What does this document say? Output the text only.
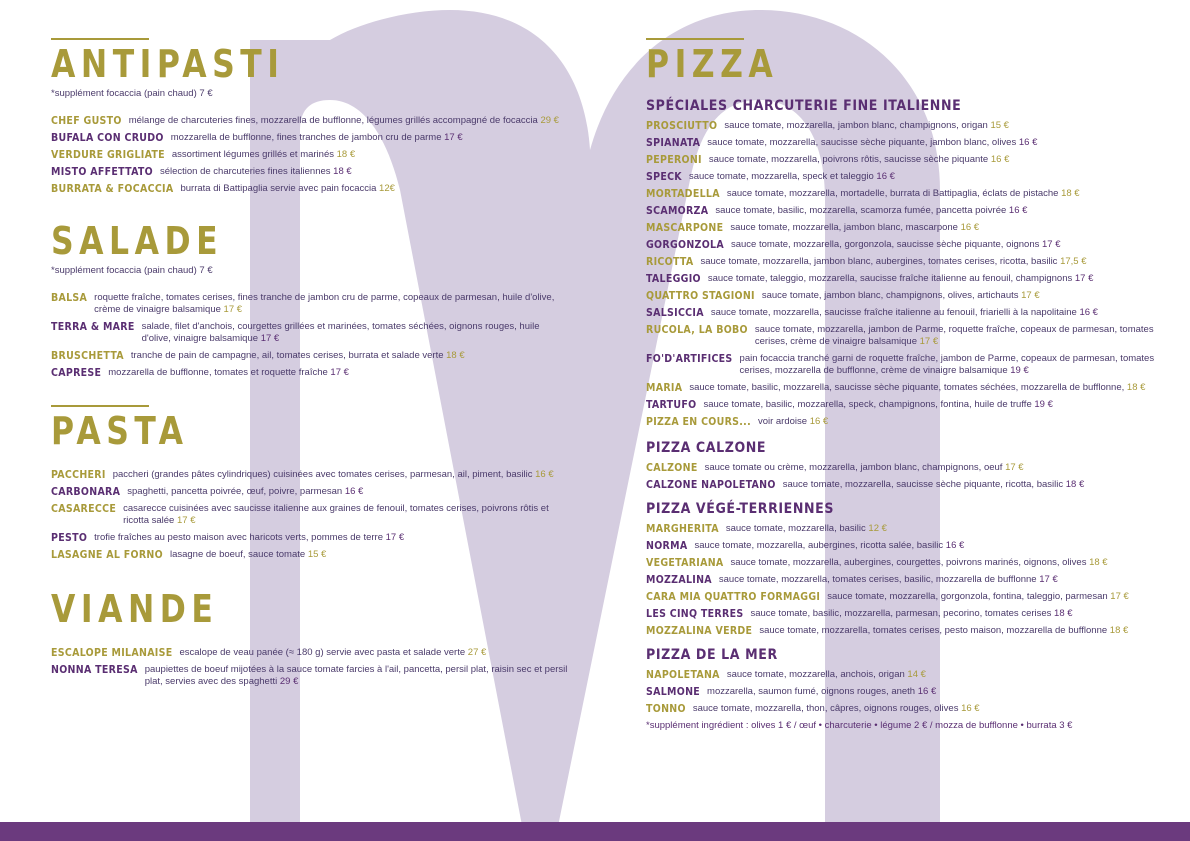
ANTIPASTI

*supplément focaccia (pain chaud) 7 €

CHEF GUSTO mélange de charcuteries fines, mozzarella de bufflonne, légumes grillés accompagné de focaccia 29 €
BUFALA CON CRUDO mozzarella de bufflonne, fines tranches de jambon cru de parme 17 €
VERDURE GRIGLIATE assortiment légumes grillés et marinés 18 €
MISTO AFFETTATO sélection de charcuteries fines italiennes 18 €
BURRATA & FOCACCIA burrata di Battipaglia servie avec pain focaccia 12€
SALADE

*supplément focaccia (pain chaud) 7 €

BALSA roquette fraîche, tomates cerises, fines tranche de jambon cru de parme, copeaux de parmesan, huile d'olive, crème de vinaigre balsamique 17 €
TERRA & MARE salade, filet d'anchois, courgettes grillées et marinées, tomates séchées, oignons rouges, huile d'olive, vinaigre balsamique 17 €
BRUSCHETTA tranche de pain de campagne, ail, tomates cerises, burrata et salade verte 18 €
CAPRESE mozzarella de bufflonne, tomates et roquette fraîche 17 €
PASTA
PACCHERI paccheri (grandes pâtes cylindriques) cuisinées avec tomates cerises, parmesan, ail, piment, basilic 16 €
CARBONARA spaghetti, pancetta poivrée, œuf, poivre, parmesan 16 €
CASARECCE casarecce cuisinées avec saucisse italienne aux graines de fenouil, tomates cerises, poivrons rôtis et ricotta salée 17 €
PESTO trofie fraîches au pesto maison avec haricots verts, pommes de terre 17 €
LASAGNE AL FORNO lasagne de boeuf, sauce tomate 15 €
VIANDE
ESCALOPE MILANAISE escalope de veau panée (≈ 180 g) servie avec pasta et salade verte 27 €
NONNA TERESA paupiettes de boeuf mijotées à la sauce tomate farcies à l'ail, pancetta, persil plat, raisin sec et persil plat, servies avec des spaghetti 29 €
PIZZA
SPÉCIALES CHARCUTERIE FINE ITALIENNE
PROSCIUTTO sauce tomate, mozzarella, jambon blanc, champignons, origan 15 €
SPIANATA sauce tomate, mozzarella, saucisse sèche piquante, jambon blanc, olives 16 €
PEPERONI sauce tomate, mozzarella, poivrons rôtis, saucisse sèche piquante 16 €
SPECK sauce tomate, mozzarella, speck et taleggio 16 €
MORTADELLA sauce tomate, mozzarella, mortadelle, burrata di Battipaglia, éclats de pistache 18 €
SCAMORZA sauce tomate, basilic, mozzarella, scamorza fumée, pancetta poivrée 16 €
MASCARPONE sauce tomate, mozzarella, jambon blanc, mascarpone 16 €
GORGONZOLA sauce tomate, mozzarella, gorgonzola, saucisse sèche piquante, oignons 17 €
RICOTTA sauce tomate, mozzarella, jambon blanc, aubergines, tomates cerises, ricotta, basilic 17,5 €
TALEGGIO sauce tomate, taleggio, mozzarella, saucisse fraîche italienne au fenouil, champignons 17 €
QUATTRO STAGIONI sauce tomate, jambon blanc, champignons, olives, artichauts 17 €
SALSICCIA sauce tomate, mozzarella, saucisse fraîche italienne au fenouil, friarielli à la napolitaine 16 €
RUCOLA, LA BOBO sauce tomate, mozzarella, jambon de Parme, roquette fraîche, copeaux de parmesan, tomates cerises, crème de vinaigre balsamique 17 €
FO'D'ARTIFICES pain focaccia tranché garni de roquette fraîche, jambon de Parme, copeaux de parmesan, tomates cerises, mozzarella de bufflonne, crème de vinaigre balsamique 19 €
MARIA sauce tomate, basilic, mozzarella, saucisse sèche piquante, tomates séchées, mozzarella de bufflonne, 18 €
TARTUFO sauce tomate, basilic, mozzarella, speck, champignons, fontina, huile de truffe 19 €
PIZZA EN COURS... voir ardoise 16 €
PIZZA CALZONE
CALZONE sauce tomate ou crème, mozzarella, jambon blanc, champignons, oeuf 17 €
CALZONE NAPOLETANO sauce tomate, mozzarella, saucisse sèche piquante, ricotta, basilic 18 €
PIZZA VÉGÉ-TERRIENNES
MARGHERITA sauce tomate, mozzarella, basilic 12 €
NORMA sauce tomate, mozzarella, aubergines, ricotta salée, basilic 16 €
VEGETARIANA sauce tomate, mozzarella, aubergines, courgettes, poivrons marinés, oignons, olives 18 €
MOZZALINA sauce tomate, mozzarella, tomates cerises, basilic, mozzarella de bufflonne 17 €
CARA MIA QUATTRO FORMAGGI sauce tomate, mozzarella, gorgonzola, fontina, taleggio, parmesan 17 €
LES CINQ TERRES sauce tomate, basilic, mozzarella, parmesan, pecorino, tomates cerises 18 €
MOZZALINA VERDE sauce tomate, mozzarella, tomates cerises, pesto maison, mozzarella de bufflonne 18 €
PIZZA DE LA MER
NAPOLETANA sauce tomate, mozzarella, anchois, origan 14 €
SALMONE mozzarella, saumon fumé, oignons rouges, aneth 16 €
TONNO sauce tomate, mozzarella, thon, câpres, oignons rouges, olives 16 €
*supplément ingrédient : olives 1 € / œuf • charcuterie • légume 2 € / mozza de bufflonne • burrata 3 €
